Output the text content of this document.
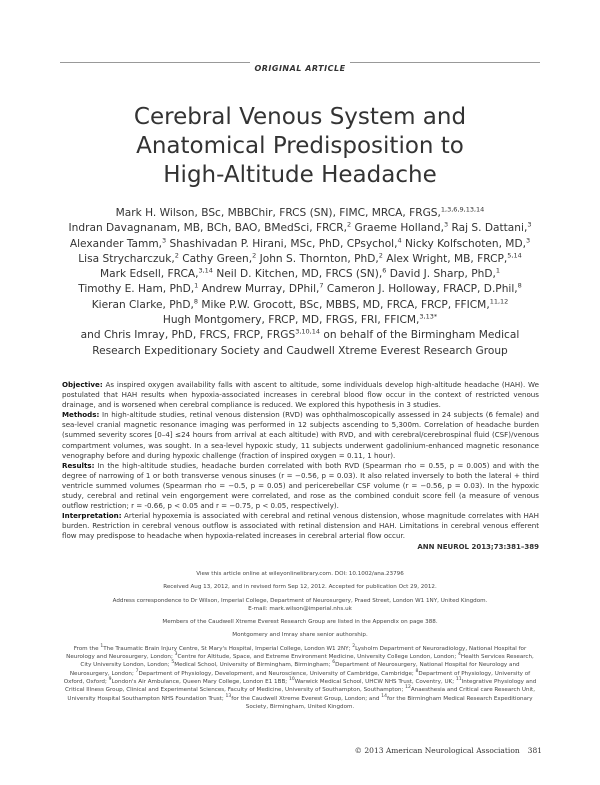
ORIGINAL ARTICLE
Cerebral Venous System and
Anatomical Predisposition to
High-Altitude Headache
Mark H. Wilson, BSc, MBBChir, FRCS (SN), FIMC, MRCA, FRGS,$^{1,3,6,9,13,14}$
Indran Davagnanam, MB, BCh, BAO, BMedSci, FRCR,$^2$ Graeme Holland,$^3$ Raj S. Dattani,$^3$
Alexander Tamm,$^3$ Shashivadan P. Hirani, MSc, PhD, CPsychol,$^4$ Nicky Kolfschoten, MD,$^3$
Lisa Strycharczuk,$^2$ Cathy Green,$^2$ John S. Thornton, PhD,$^2$ Alex Wright, MB, FRCP,$^{5,14}$
Mark Edsell, FRCA,$^{3,14}$ Neil D. Kitchen, MD, FRCS (SN),$^6$ David J. Sharp, PhD,$^1$
Timothy E. Ham, PhD,$^1$ Andrew Murray, DPhil,$^7$ Cameron J. Holloway, FRACP, D.Phil,$^8$
Kieran Clarke, PhD,$^8$ Mike P.W. Grocott, BSc, MBBS, MD, FRCA, FRCP, FFICM,$^{11,12}$
Hugh Montgomery, FRCP, MD, FRGS, FRI, FFICM,$^{3,13*}$
and Chris Imray, PhD, FRCS, FRCP, FRGS$^{3,10,14}$ on behalf of the Birmingham Medical
Research Expeditionary Society and Caudwell Xtreme Everest Research Group
Objective: As inspired oxygen availability falls with ascent to altitude, some individuals develop high-altitude headache (HAH). We postulated that HAH results when hypoxia-associated increases in cerebral blood flow occur in the context of restricted venous drainage, and is worsened when cerebral compliance is reduced. We explored this hypothesis in 3 studies.
Methods: In high-altitude studies, retinal venous distension (RVD) was ophthalmoscopically assessed in 24 subjects (6 female) and sea-level cranial magnetic resonance imaging was performed in 12 subjects ascending to 5,300m. Correlation of headache burden (summed severity scores [0–4] ≤24 hours from arrival at each altitude) with RVD, and with cerebral/cerebrospinal fluid (CSF)/venous compartment volumes, was sought. In a sea-level hypoxic study, 11 subjects underwent gadolinium-enhanced magnetic resonance venography before and during hypoxic challenge (fraction of inspired oxygen = 0.11, 1 hour).
Results: In the high-altitude studies, headache burden correlated with both RVD (Spearman rho = 0.55, p = 0.005) and with the degree of narrowing of 1 or both transverse venous sinuses (r = −0.56, p = 0.03). It also related inversely to both the lateral + third ventricle summed volumes (Spearman rho = −0.5, p = 0.05) and pericerebellar CSF volume (r = −0.56, p = 0.03). In the hypoxic study, cerebral and retinal vein engorgement were correlated, and rose as the combined conduit score fell (a measure of venous outflow restriction; r = -0.66, p < 0.05 and r = −0.75, p < 0.05, respectively).
Interpretation: Arterial hypoxemia is associated with cerebral and retinal venous distension, whose magnitude correlates with HAH burden. Restriction in cerebral venous outflow is associated with retinal distension and HAH. Limitations in cerebral venous efferent flow may predispose to headache when hypoxia-related increases in cerebral arterial flow occur.
ANN NEUROL 2013;73:381–389

View this article online at wileyonlinelibrary.com. DOI: 10.1002/ana.23796

Received Aug 13, 2012, and in revised form Sep 12, 2012. Accepted for publication Oct 29, 2012.

Address correspondence to Dr Wilson, Imperial College, Department of Neurosurgery, Praed Street, London W1 1NY, United Kingdom.
E-mail: mark.wilson@imperial.nhs.uk

Members of the Caudwell Xtreme Everest Research Group are listed in the Appendix on page 388.

Montgomery and Imray share senior authorship.

From the $^1$The Traumatic Brain Injury Centre, St Mary's Hospital, Imperial College, London W1 2NY; $^2$Lysholm Department of Neuroradiology, National Hospital for Neurology and Neurosurgery, London; $^3$Centre for Altitude, Space, and Extreme Environment Medicine, University College London, London; $^4$Health Services Research, City University London, London; $^5$Medical School, University of Birmingham, Birmingham; $^6$Department of Neurosurgery, National Hospital for Neurology and Neurosurgery, London; $^7$Department of Physiology, Development, and Neuroscience, University of Cambridge, Cambridge; $^8$Department of Physiology, University of Oxford, Oxford; $^9$London's Air Ambulance, Queen Mary College, London E1 1BB; $^{10}$Warwick Medical School, UHCW NHS Trust, Coventry, UK; $^{11}$Integrative Physiology and Critical Illness Group, Clinical and Experimental Sciences, Faculty of Medicine, University of Southampton, Southampton; $^{12}$Anaesthesia and Critical care Research Unit, University Hospital Southampton NHS Foundation Trust; $^{13}$for the Caudwell Xtreme Everest Group, London; and $^{14}$for the Birmingham Medical Research Expeditionary Society, Birmingham, United Kingdom.

© 2013 American Neurological Association 381
